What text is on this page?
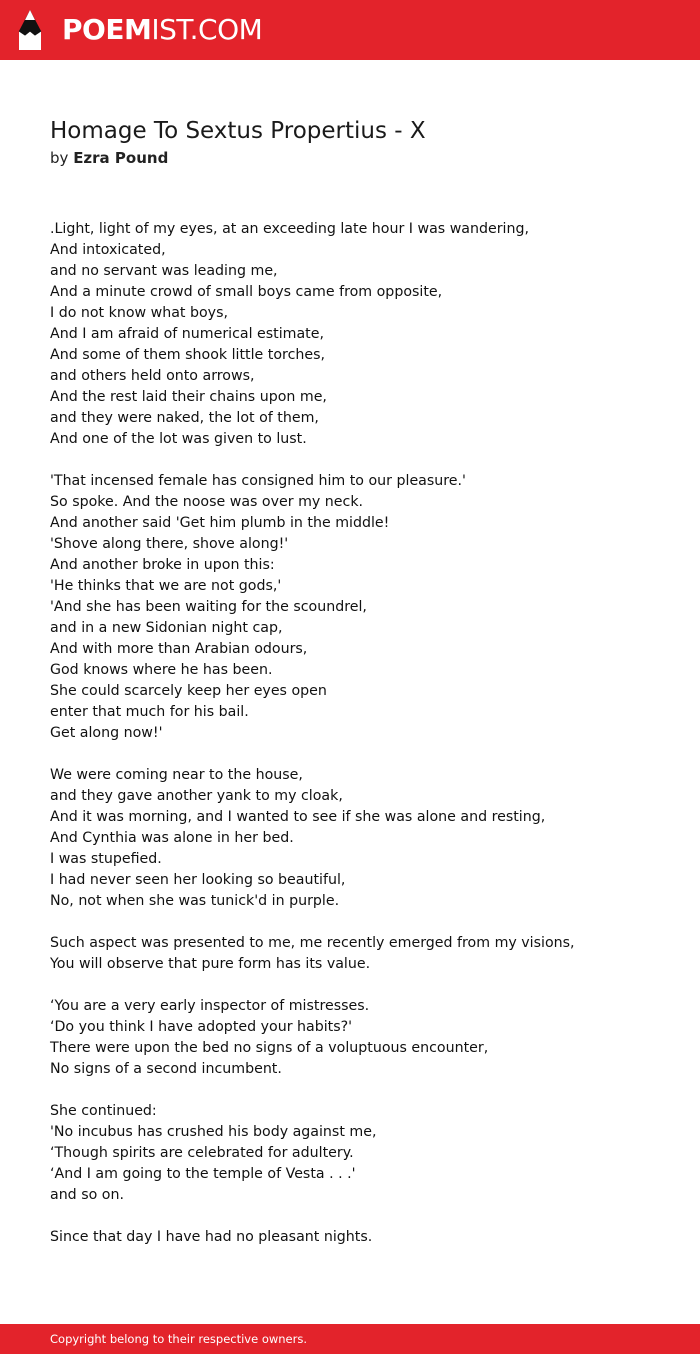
POEMIST.COM
Homage To Sextus Propertius - X
by Ezra Pound
.Light, light of my eyes, at an exceeding late hour I was wandering,
And intoxicated,
and no servant was leading me,
And a minute crowd of small boys came from opposite,
I do not know what boys,
And I am afraid of numerical estimate,
And some of them shook little torches,
and others held onto arrows,
And the rest laid their chains upon me,
and they were naked, the lot of them,
And one of the lot was given to lust.
'That incensed female has consigned him to our pleasure.'
So spoke. And the noose was over my neck.
And another said 'Get him plumb in the middle!
'Shove along there, shove along!'
And another broke in upon this:
'He thinks that we are not gods,'
'And she has been waiting for the scoundrel,
and in a new Sidonian night cap,
And with more than Arabian odours,
God knows where he has been.
She could scarcely keep her eyes open
enter that much for his bail.
Get along now!'
We were coming near to the house,
and they gave another yank to my cloak,
And it was morning, and I wanted to see if she was alone and resting,
And Cynthia was alone in her bed.
I was stupefied.
I had never seen her looking so beautiful,
No, not when she was tunick'd in purple.
Such aspect was presented to me, me recently emerged from my visions,
You will observe that pure form has its value.
‘You are a very early inspector of mistresses.
‘Do you think I have adopted your habits?'
There were upon the bed no signs of a voluptuous encounter,
No signs of a second incumbent.
She continued:
'No incubus has crushed his body against me,
‘Though spirits are celebrated for adultery.
‘And I am going to the temple of Vesta . . .'
and so on.
Since that day I have had no pleasant nights.
Copyright belong to their respective owners.
